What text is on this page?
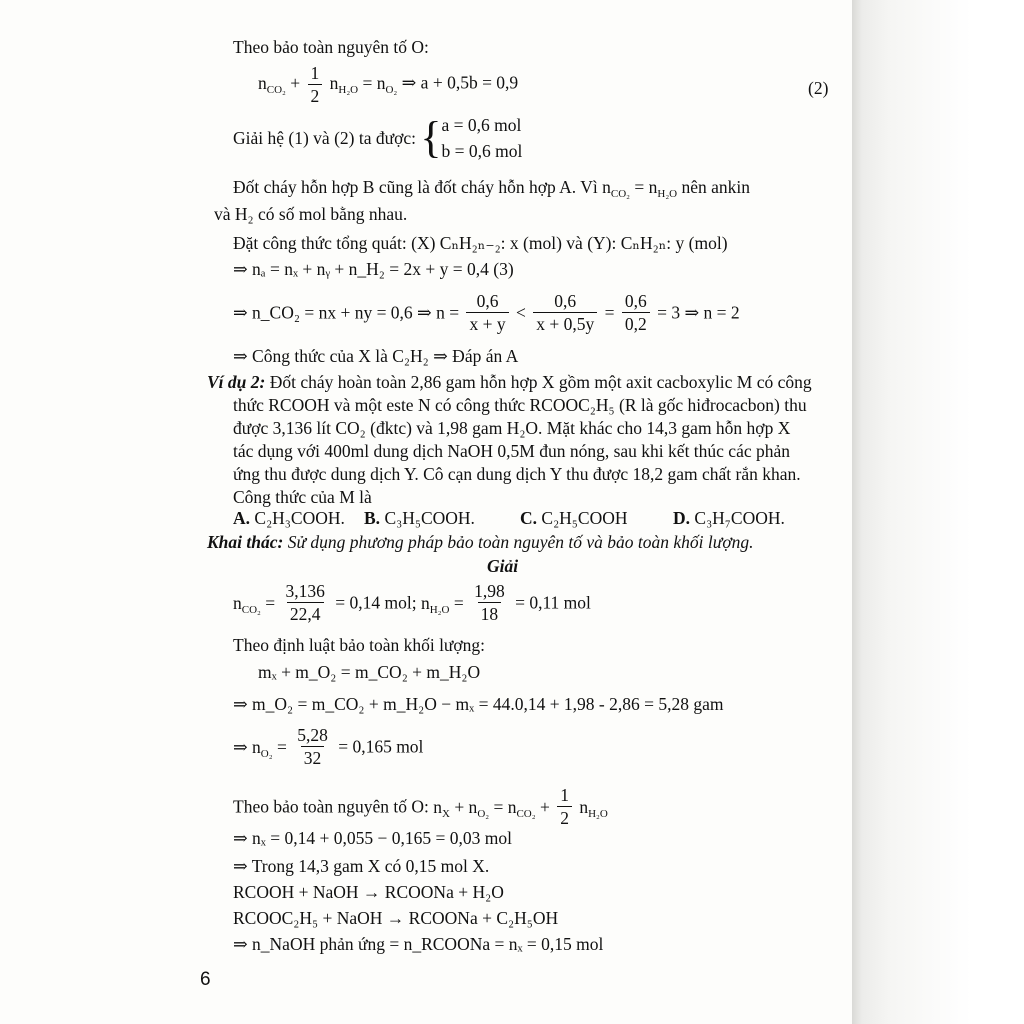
Theo bảo toàn nguyên tố O:
$n_{CO_2} + \frac{1}{2} n_{H_2O} = n_{O_2}$ ⇒ a + 0,5b = 0,9	(2)
Giải hệ (1) và (2) ta được: { a = 0,6 mol
b = 0,6 mol
Đốt cháy hỗn hợp B cũng là đốt cháy hỗn hợp A. Vì $n_{CO_2} = n_{H_2O}$ nên ankin
và H₂ có số mol bằng nhau.
Đặt công thức tổng quát: (X) CₙH₂ₙ₋₂: x (mol) và (Y): CₙH₂ₙ: y (mol)
⇒ nₐ = nₓ + nᵧ + n_H₂ = 2x + y = 0,4 (3)
⇒ n_CO₂ = nx + ny = 0,6 ⇒ $n = \frac{0,6}{x + y} < \frac{0,6}{x + 0,5y} = \frac{0,6}{0,2} = 3$ ⇒ n = 2
⇒ Công thức của X là C₂H₂ ⇒ Đáp án A
Ví dụ 2: Đốt cháy hoàn toàn 2,86 gam hỗn hợp X gồm một axit cacboxylic M có công
thức RCOOH và một este N có công thức RCOOC₂H₅ (R là gốc hiđrocacbon) thu
được 3,136 lít CO₂ (đktc) và 1,98 gam H₂O. Mặt khác cho 14,3 gam hỗn hợp X
tác dụng với 400ml dung dịch NaOH 0,5M đun nóng, sau khi kết thúc các phản
ứng thu được dung dịch Y. Cô cạn dung dịch Y thu được 18,2 gam chất rắn khan.
Công thức của M là
A. C₂H₃COOH. B. C₃H₅COOH.	C. C₂H₅COOH	D. C₃H₇COOH.
Khai thác: Sử dụng phương pháp bảo toàn nguyên tố và bảo toàn khối lượng.
Giải
$n_{CO_2} = \frac{3,136}{22,4} = 0,14$ mol; $n_{H_2O} = \frac{1,98}{18} = 0,11$ mol
Theo định luật bảo toàn khối lượng:
mₓ + m_O₂ = m_CO₂ + m_H₂O
⇒ m_O₂ = m_CO₂ + m_H₂O − mₓ = 44.0,14 + 1,98 - 2,86 = 5,28 gam
⇒ $n_{O_2} = \frac{5,28}{32} = 0,165$ mol
Theo bảo toàn nguyên tố O: $n_X + n_{O_2} = n_{CO_2} + \frac{1}{2} n_{H_2O}$
⇒ nₓ = 0,14 + 0,055 − 0,165 = 0,03 mol
⇒ Trong 14,3 gam X có 0,15 mol X.
RCOOH + NaOH → RCOONa + H₂O
RCOOC₂H₅ + NaOH → RCOONa + C₂H₅OH
⇒ n_NaOH phản ứng = n_RCOONa = nₓ = 0,15 mol
6
